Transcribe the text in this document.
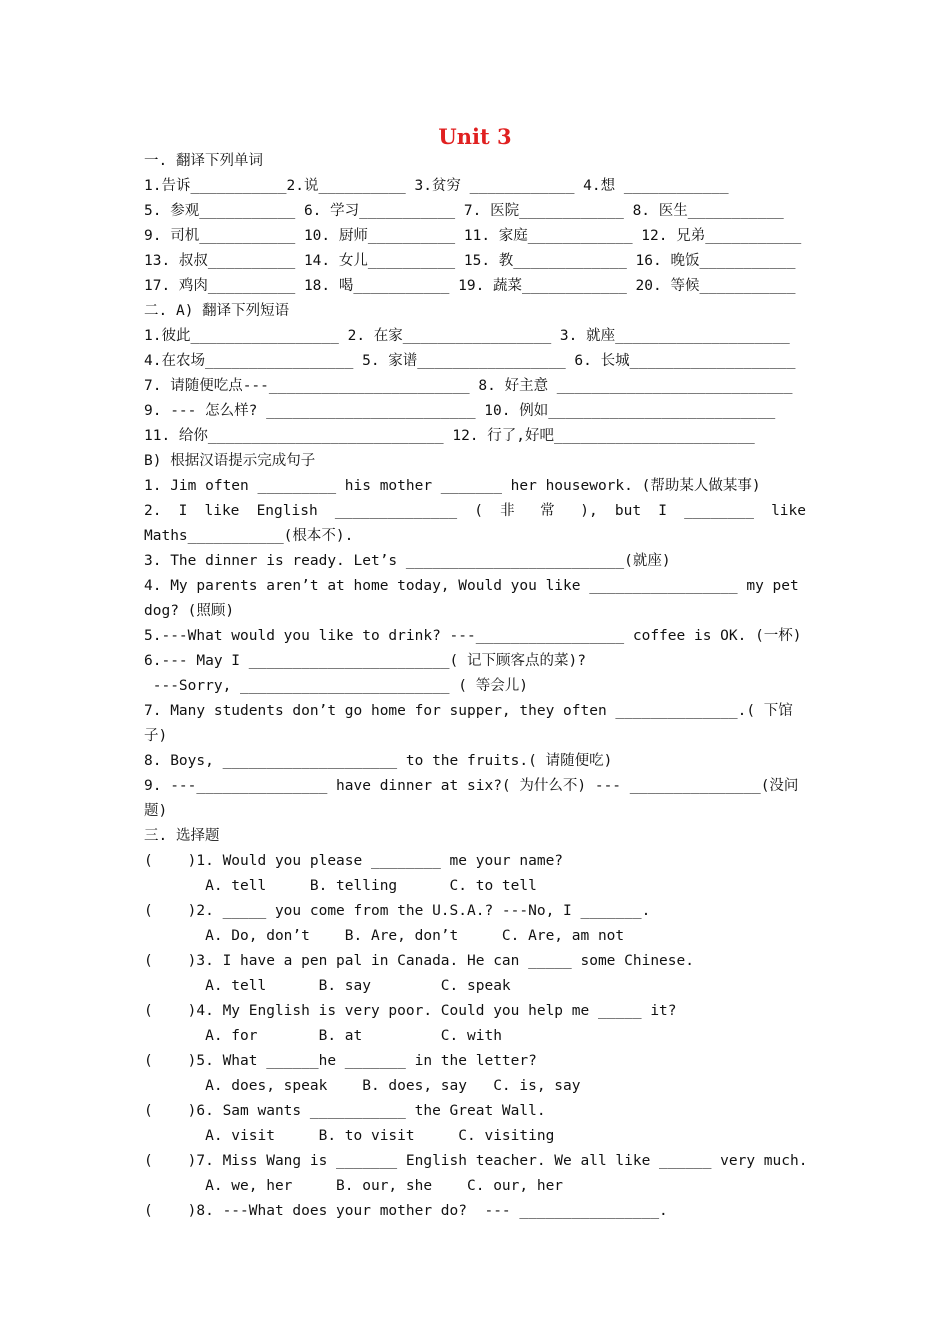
Unit 3
一. 翻译下列单词
1.告诉___________2.说__________ 3.贫穷 ____________ 4.想 ____________
5. 参观___________ 6. 学习___________ 7. 医院____________ 8. 医生___________
9. 司机___________ 10. 厨师__________ 11. 家庭____________ 12. 兄弟___________
13. 叔叔__________ 14. 女儿__________ 15. 教_____________ 16. 晚饭___________
17. 鸡肉__________ 18. 喝___________ 19. 蔬菜____________ 20. 等候___________
二. A) 翻译下列短语
1.彼此_________________ 2. 在家_________________ 3. 就座____________________
4.在农场_________________ 5. 家谱_________________ 6. 长城___________________
7. 请随便吃点---_______________________ 8. 好主意 ___________________________
9. --- 怎么样? ________________________ 10. 例如__________________________
11. 给你___________________________ 12. 行了,好吧_______________________
B) 根据汉语提示完成句子
1. Jim often _________ his mother _______ her housework. (帮助某人做某事)
2. I like English ______________ ( 非 常 ), but I ________ like
Maths___________(根本不).
3. The dinner is ready. Let’s _________________________(就座)
4. My parents aren’t at home today, Would you like _________________ my pet
dog? (照顾)
5.---What would you like to drink? ---_________________ coffee is OK. (一杯)
6.--- May I _______________________( 记下顾客点的菜)?
---Sorry, ________________________ ( 等会儿)
7. Many students don’t go home for supper, they often ______________.( 下馆
子)
8. Boys, ____________________ to the fruits.( 请随便吃)
9. ---_______________ have dinner at six?( 为什么不) --- _______________(没问
题)
三. 选择题
(    )1. Would you please ________ me your name?
A. tell     B. telling      C. to tell
(    )2. _____ you come from the U.S.A.? ---No, I _______.
A. Do, don’t    B. Are, don’t     C. Are, am not
(    )3. I have a pen pal in Canada. He can _____ some Chinese.
A. tell      B. say        C. speak
(    )4. My English is very poor. Could you help me _____ it?
A. for       B. at         C. with
(    )5. What ______he _______ in the letter?
A. does, speak    B. does, say   C. is, say
(    )6. Sam wants ___________ the Great Wall.
A. visit     B. to visit     C. visiting
(    )7. Miss Wang is _______ English teacher. We all like ______ very much.
A. we, her     B. our, she    C. our, her
(    )8. ---What does your mother do?  --- ________________.
